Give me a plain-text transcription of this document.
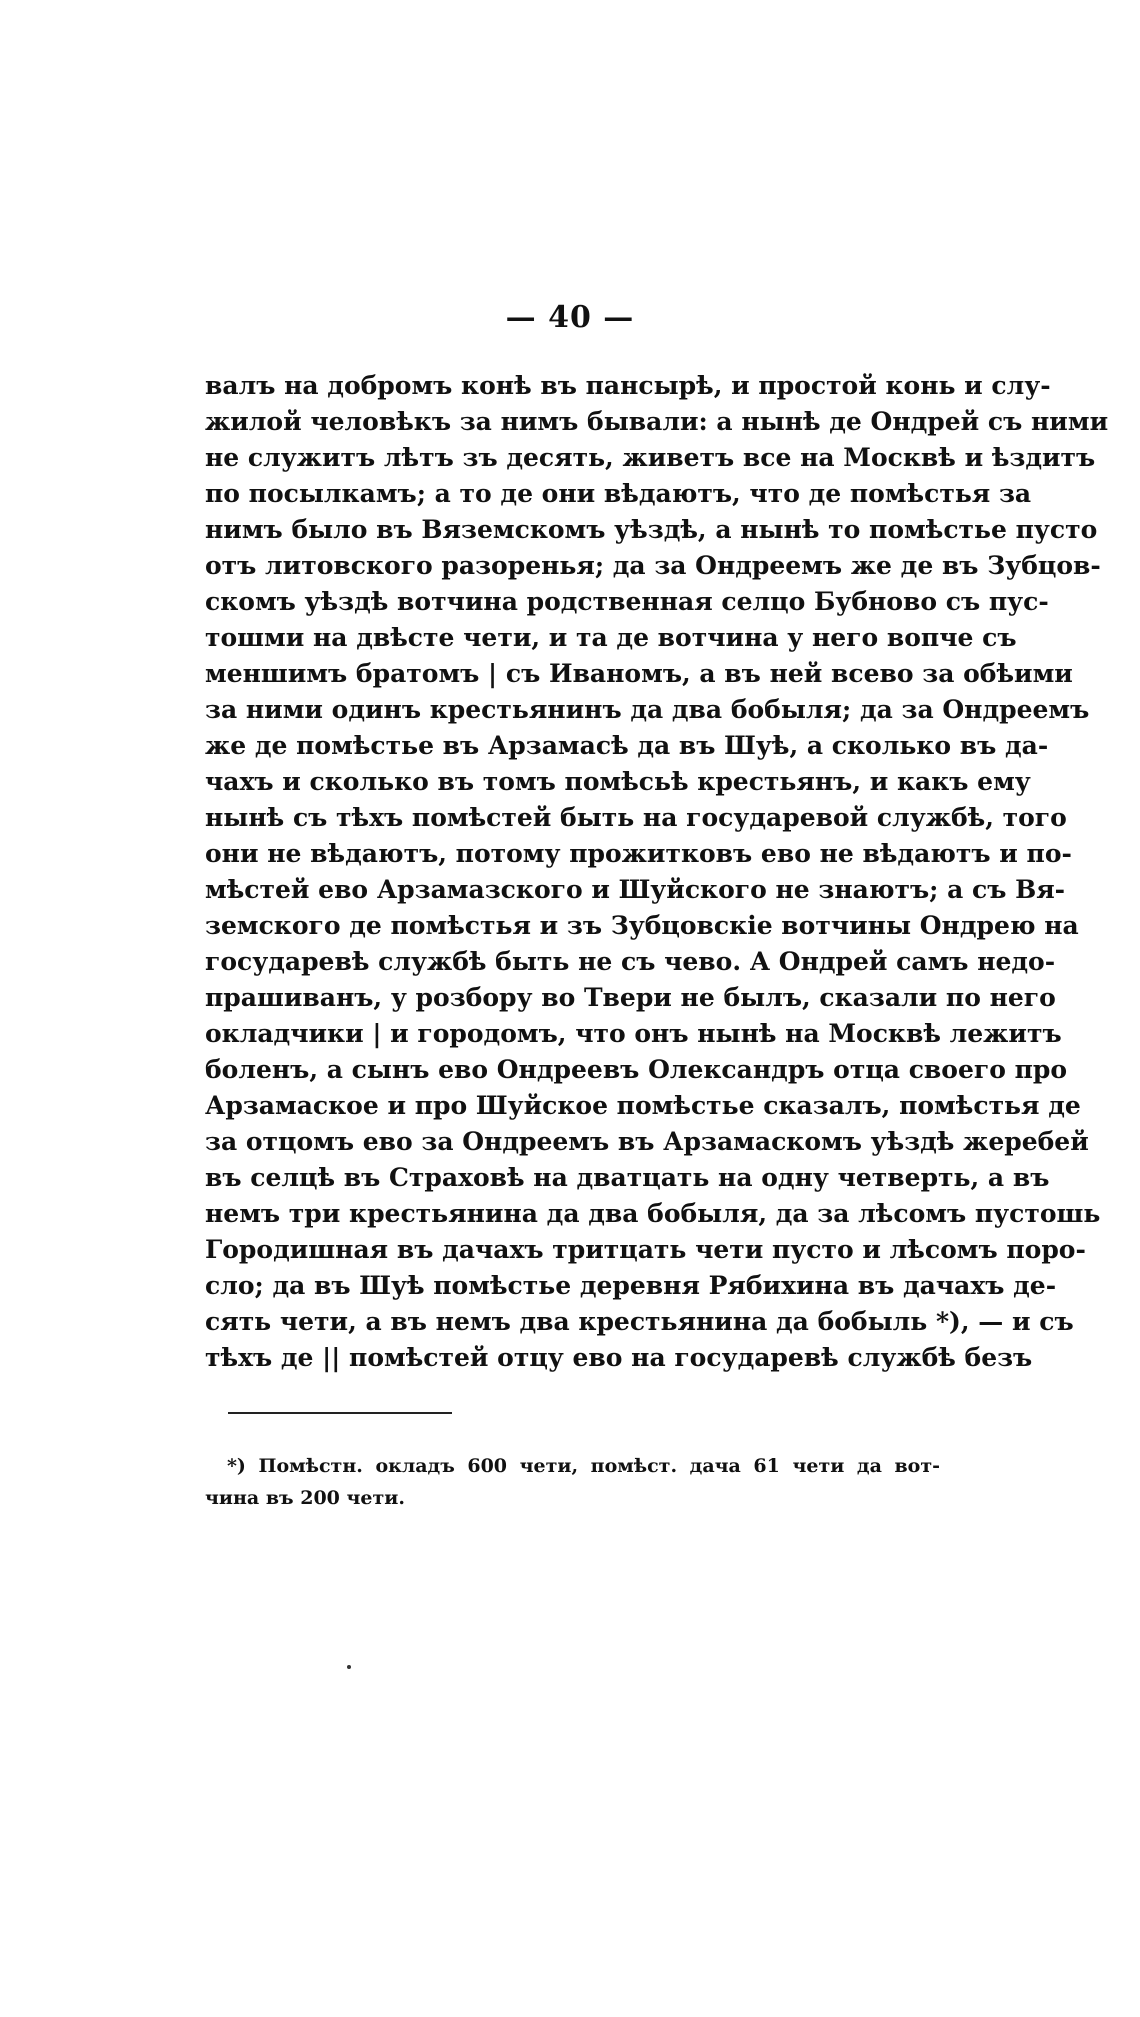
— 40 —
валъ на добромъ конѣ въ пансырѣ, и простой конь и слу-
жилой человѣкъ за нимъ бывали: а нынѣ де Ондрей съ ними
не служитъ лѣтъ зъ десять, живетъ все на Москвѣ и ѣздитъ
по посылкамъ; а то де они вѣдаютъ, что де помѣстья за
нимъ было въ Вяземскомъ уѣздѣ, а нынѣ то помѣстье пусто
отъ литовского разоренья; да за Ондреемъ же де въ Зубцов-
скомъ уѣздѣ вотчина родственная селцо Бубново съ пус-
тошми на двѣсте чети, и та де вотчина у него вопче съ
меншимъ братомъ | съ Иваномъ, а въ ней всево за обѣими
за ними одинъ крестьянинъ да два бобыля; да за Ондреемъ
же де помѣстье въ Арзамасѣ да въ Шуѣ, а сколько въ да-
чахъ и сколько въ томъ помѣсьѣ крестьянъ, и какъ ему
нынѣ съ тѣхъ помѣстей быть на государевой службѣ, того
они не вѣдаютъ, потому прожитковъ ево не вѣдаютъ и по-
мѣстей ево Арзамазского и Шуйского не знаютъ; а съ Вя-
земского де помѣстья и зъ Зубцовскіе вотчины Ондрею на
государевѣ службѣ быть не съ чево. А Ондрей самъ недо-
прашиванъ, у розбору во Твери не былъ, сказали по него
окладчики | и городомъ, что онъ нынѣ на Москвѣ лежитъ
боленъ, а сынъ ево Ондреевъ Олександръ отца своего про
Арзамаское и про Шуйское помѣстье сказалъ, помѣстья де
за отцомъ ево за Ондреемъ въ Арзамаскомъ уѣздѣ жеребей
въ селцѣ въ Страховѣ на дватцать на одну четверть, а въ
немъ три крестьянина да два бобыля, да за лѣсомъ пустошь
Городишная въ дачахъ тритцать чети пусто и лѣсомъ поро-
сло; да въ Шуѣ помѣстье деревня Рябихина въ дачахъ де-
сять чети, а въ немъ два крестьянина да бобыль *), — и съ
тѣхъ де || помѣстей отцу ево на государевѣ службѣ безъ
*) Помѣстн. окладъ 600 чети, помѣст. дача 61 чети да вот-
чина въ 200 чети.
